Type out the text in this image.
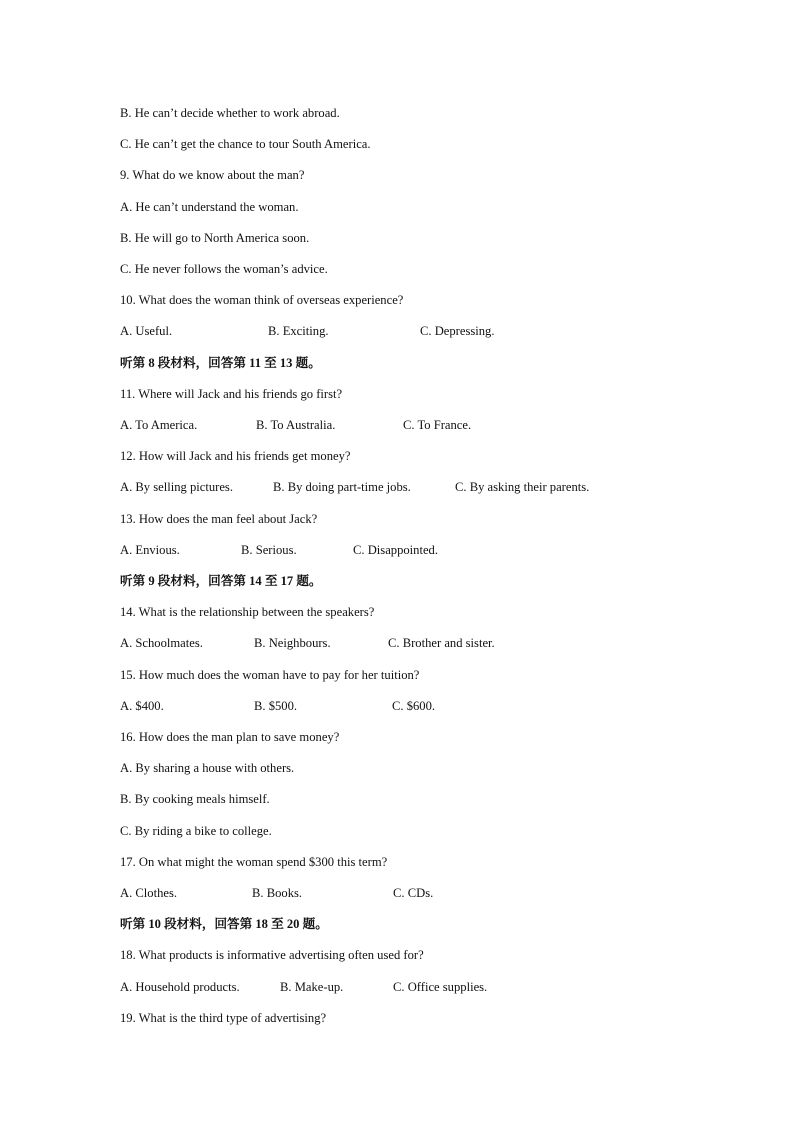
B. He can’t decide whether to work abroad.
C. He can’t get the chance to tour South America.
9. What do we know about the man?
A. He can’t understand the woman.
B. He will go to North America soon.
C. He never follows the woman’s advice.
10. What does the woman think of overseas experience?
A. Useful.	B. Exciting.	C. Depressing.
听第 8 段材料，回答第 11 至 13 题。
11. Where will Jack and his friends go first?
A. To America.	B. To Australia.	C. To France.
12. How will Jack and his friends get money?
A. By selling pictures.	B. By doing part-time jobs.	C. By asking their parents.
13. How does the man feel about Jack?
A. Envious.	B. Serious.	C. Disappointed.
听第 9 段材料，回答第 14 至 17 题。
14. What is the relationship between the speakers?
A. Schoolmates.	B. Neighbours.	C. Brother and sister.
15. How much does the woman have to pay for her tuition?
A. $400.	B. $500.	C. $600.
16. How does the man plan to save money?
A. By sharing a house with others.
B. By cooking meals himself.
C. By riding a bike to college.
17. On what might the woman spend $300 this term?
A. Clothes.	B. Books.	C. CDs.
听第 10 段材料，回答第 18 至 20 题。
18. What products is informative advertising often used for?
A. Household products.	B. Make-up.	C. Office supplies.
19. What is the third type of advertising?
